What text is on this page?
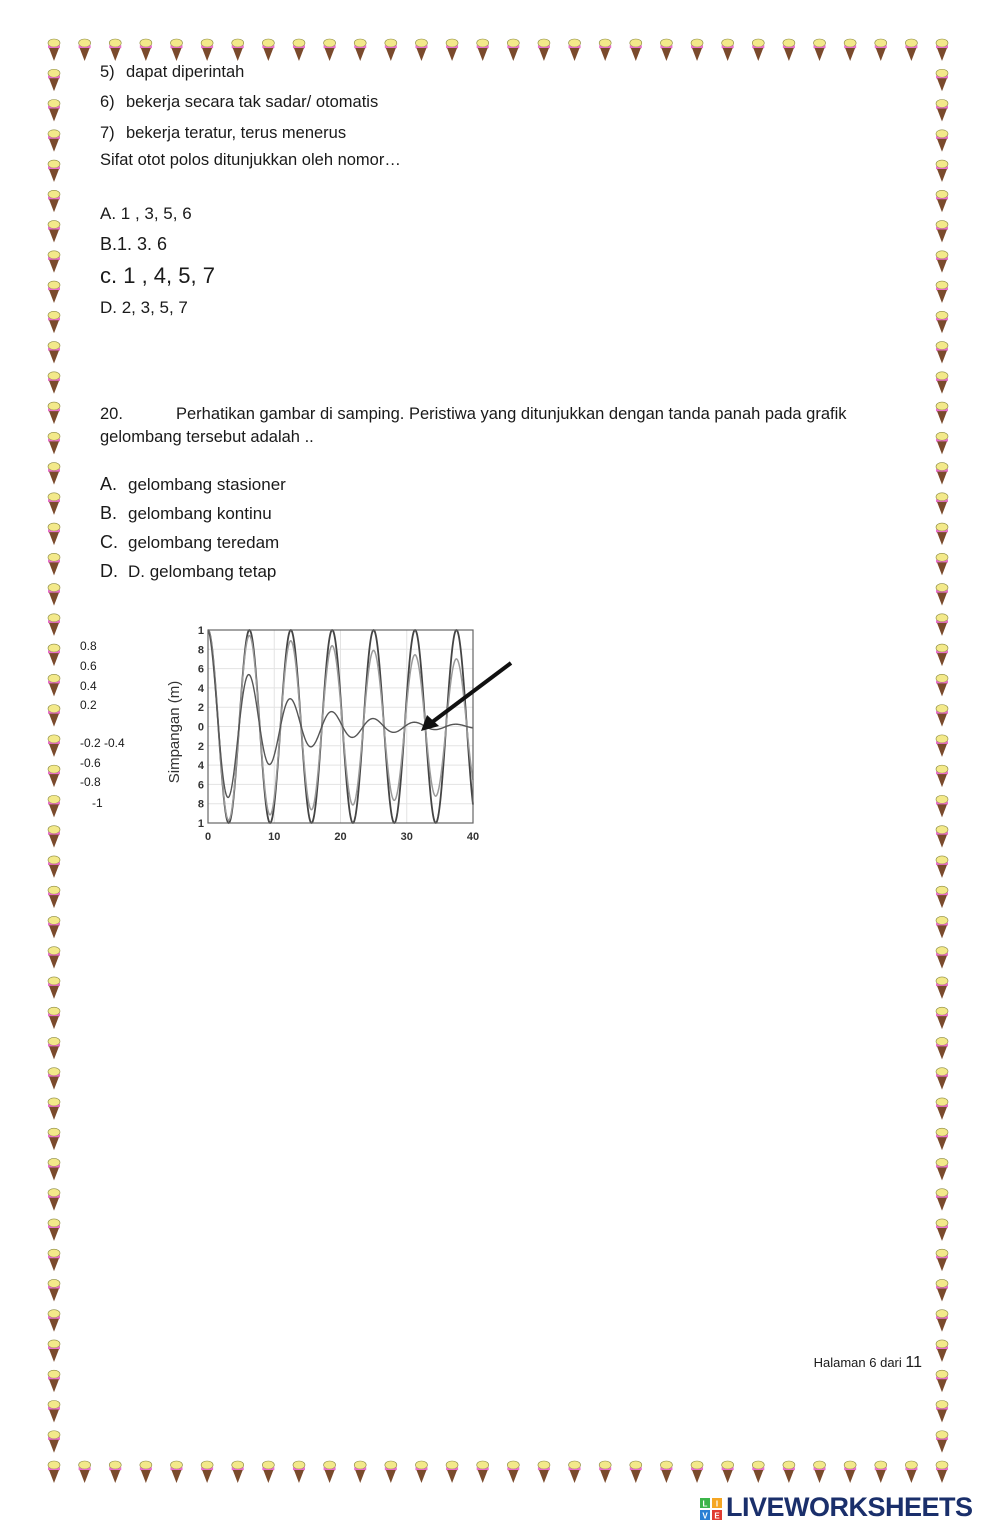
5) dapat diperintah
6) bekerja secara tak sadar/ otomatis
7) bekerja teratur, terus menerus
Sifat otot polos ditunjukkan oleh nomor…
A. 1 , 3, 5, 6
B.1. 3. 6
c. 1 , 4, 5, 7
D. 2, 3, 5, 7
20.	Perhatikan gambar di samping. Peristiwa yang ditunjukkan dengan tanda panah pada grafik
gelombang tersebut adalah ..
A. gelombang stasioner
B. gelombang kontinu
C. gelombang teredam
D. D. gelombang tetap
0.8
0.6
0.4
0.2
-0.2 -0.4
-0.6
-0.8
-1
Simpangan (m)
1
8
6
4
2
0
2
4
6
8
1
0	10	20	30	40
Halaman 6 dari 11
L I
V E LIVEWORKSHEETS
